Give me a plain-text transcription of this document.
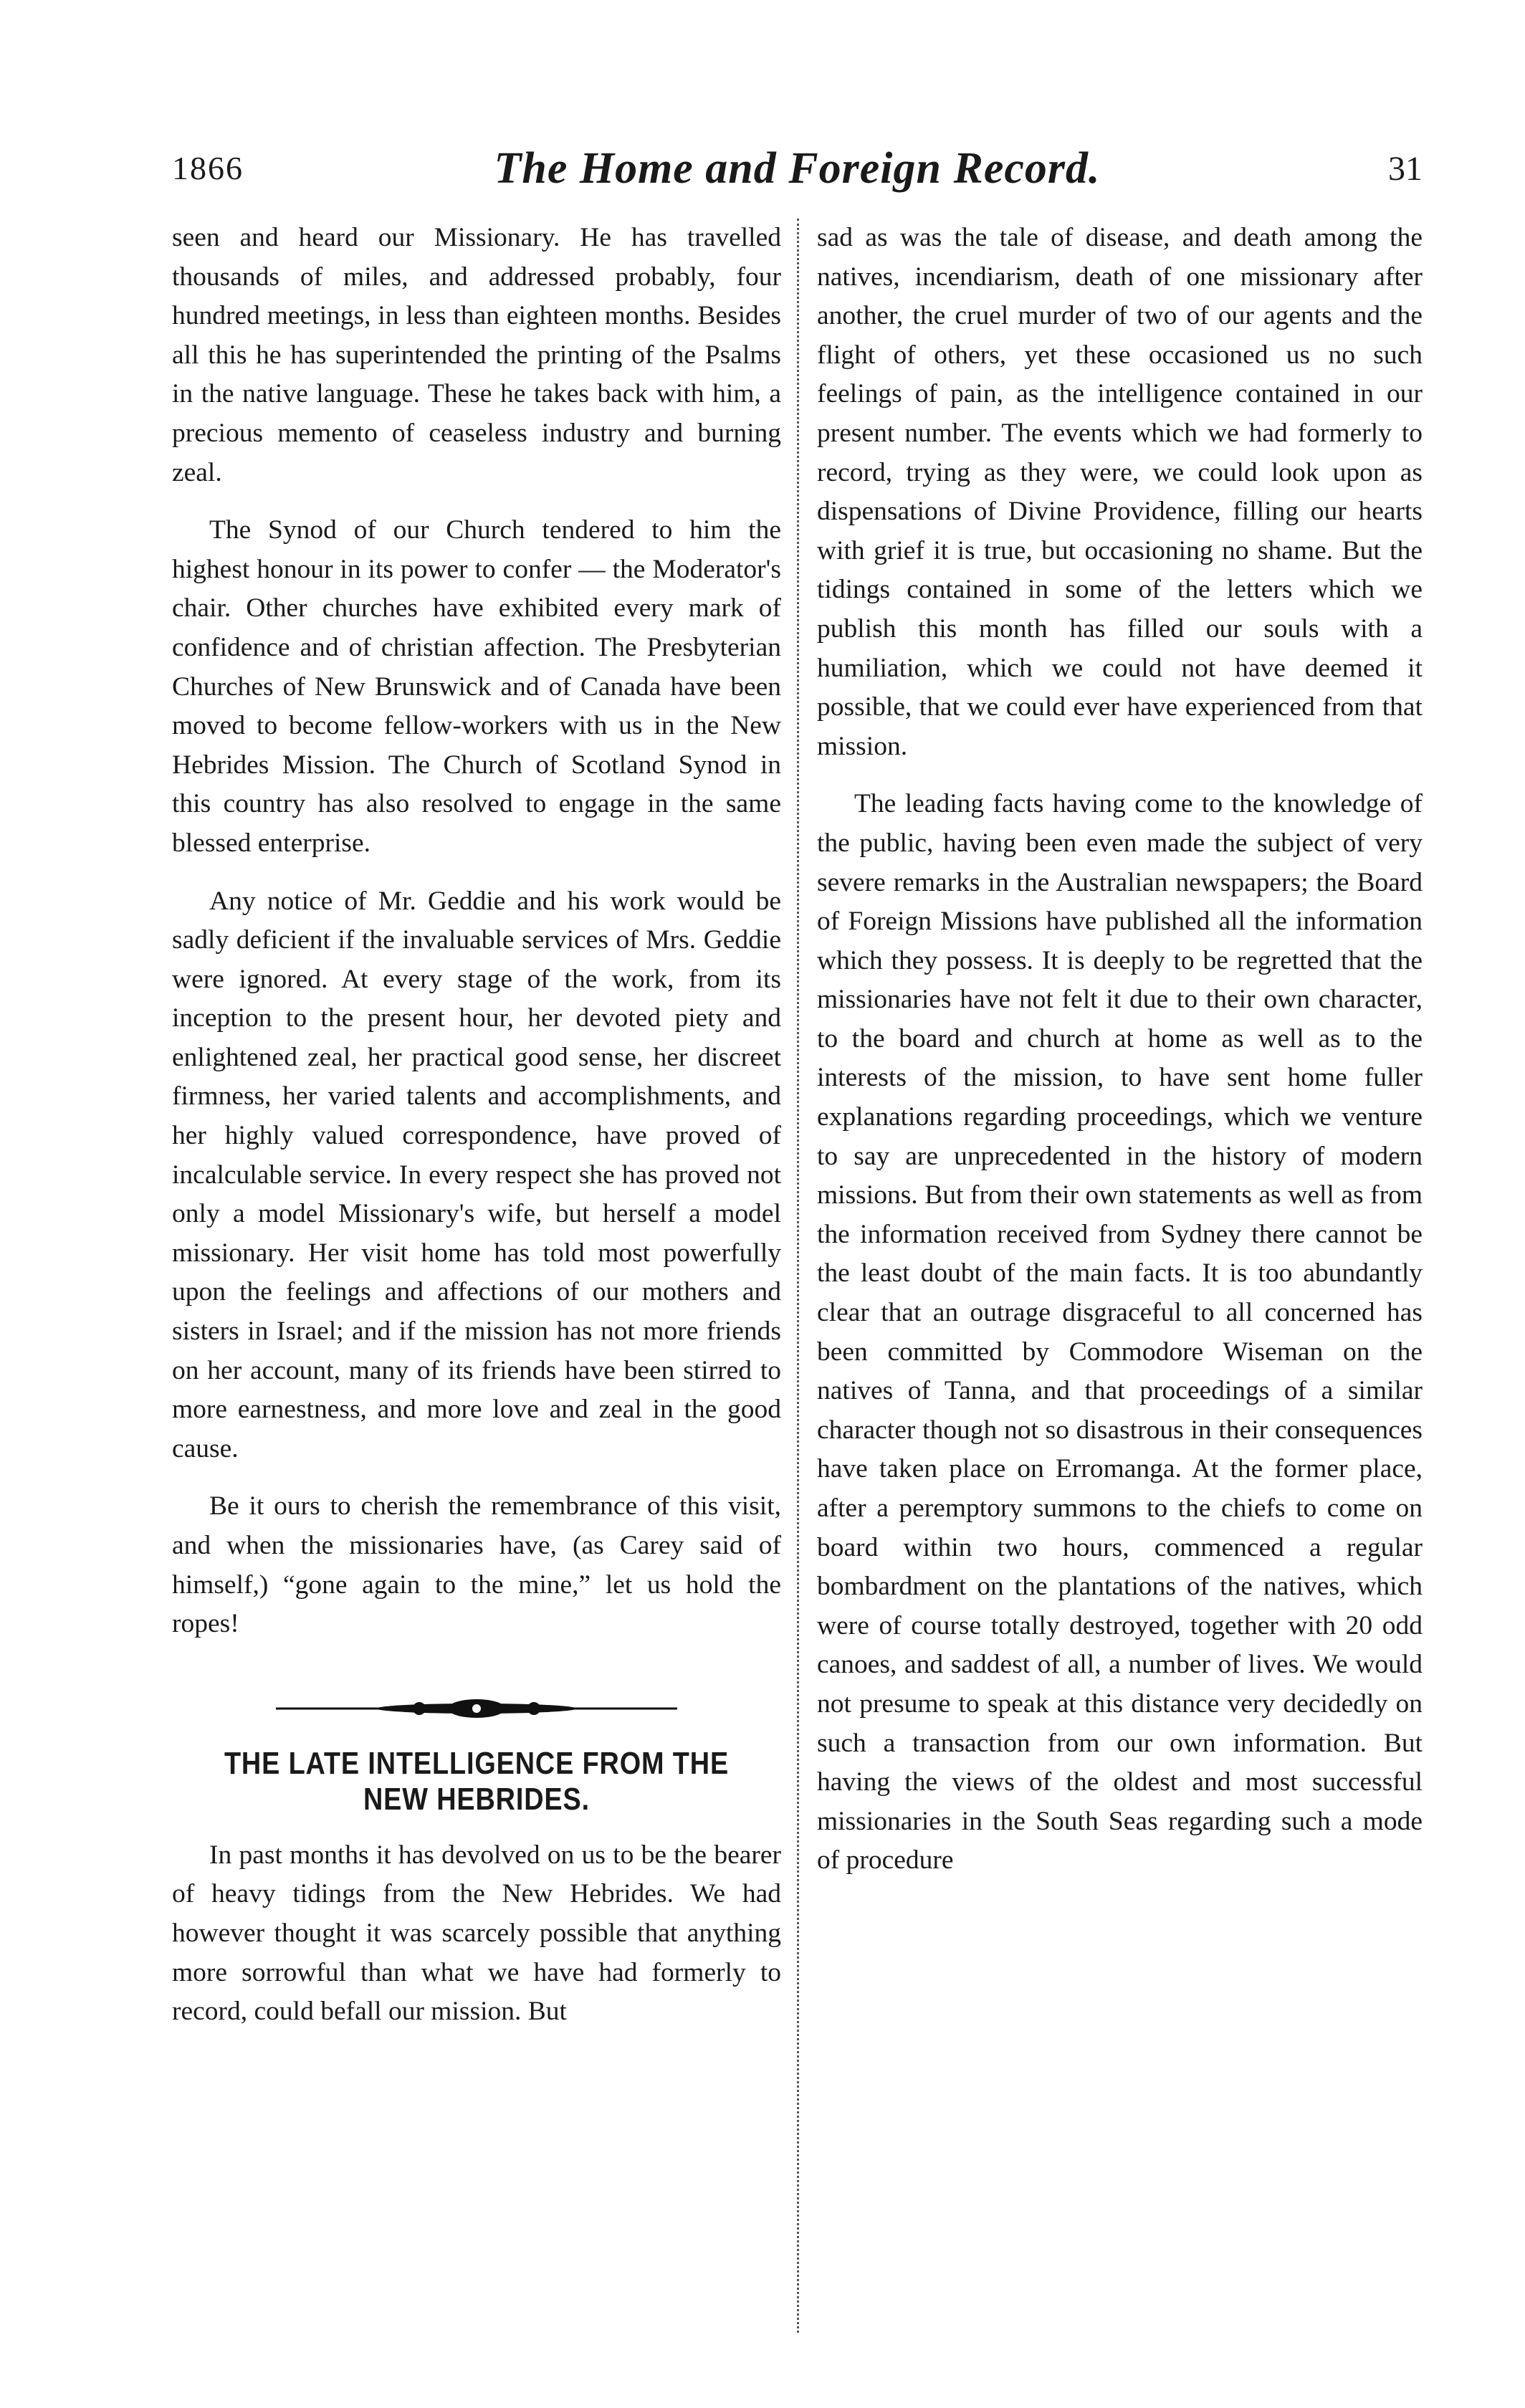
1866	The Home and Foreign Record.	31

seen and heard our Missionary. He has travelled thousands of miles, and addressed probably, four hundred meetings, in less than eighteen months. Besides all this he has superintended the printing of the Psalms in the native language. These he takes back with him, a precious memento of ceaseless industry and burning zeal.

The Synod of our Church tendered to him the highest honour in its power to confer — the Moderator's chair. Other churches have exhibited every mark of confidence and of christian affection. The Presbyterian Churches of New Brunswick and of Canada have been moved to become fellow-workers with us in the New Hebrides Mission. The Church of Scotland Synod in this country has also resolved to engage in the same blessed enterprise.

Any notice of Mr. Geddie and his work would be sadly deficient if the invaluable services of Mrs. Geddie were ignored. At every stage of the work, from its inception to the present hour, her devoted piety and enlightened zeal, her practical good sense, her discreet firmness, her varied talents and accomplishments, and her highly valued correspondence, have proved of incalculable service. In every respect she has proved not only a model Missionary's wife, but herself a model missionary. Her visit home has told most powerfully upon the feelings and affections of our mothers and sisters in Israel; and if the mission has not more friends on her account, many of its friends have been stirred to more earnestness, and more love and zeal in the good cause.

Be it ours to cherish the remembrance of this visit, and when the missionaries have, (as Carey said of himself,) “gone again to the mine,” let us hold the ropes!

THE LATE INTELLIGENCE FROM THE NEW HEBRIDES.

In past months it has devolved on us to be the bearer of heavy tidings from the New Hebrides. We had however thought it was scarcely possible that anything more sorrowful than what we have had formerly to record, could befall our mission. But

sad as was the tale of disease, and death among the natives, incendiarism, death of one missionary after another, the cruel murder of two of our agents and the flight of others, yet these occasioned us no such feelings of pain, as the intelligence contained in our present number. The events which we had formerly to record, trying as they were, we could look upon as dispensations of Divine Providence, filling our hearts with grief it is true, but occasioning no shame. But the tidings contained in some of the letters which we publish this month has filled our souls with a humiliation, which we could not have deemed it possible, that we could ever have experienced from that mission.

The leading facts having come to the knowledge of the public, having been even made the subject of very severe remarks in the Australian newspapers; the Board of Foreign Missions have published all the information which they possess. It is deeply to be regretted that the missionaries have not felt it due to their own character, to the board and church at home as well as to the interests of the mission, to have sent home fuller explanations regarding proceedings, which we venture to say are unprecedented in the history of modern missions. But from their own statements as well as from the information received from Sydney there cannot be the least doubt of the main facts. It is too abundantly clear that an outrage disgraceful to all concerned has been committed by Commodore Wiseman on the natives of Tanna, and that proceedings of a similar character though not so disastrous in their consequences have taken place on Erromanga. At the former place, after a peremptory summons to the chiefs to come on board within two hours, commenced a regular bombardment on the plantations of the natives, which were of course totally destroyed, together with 20 odd canoes, and saddest of all, a number of lives. We would not presume to speak at this distance very decidedly on such a transaction from our own information. But having the views of the oldest and most successful missionaries in the South Seas regarding such a mode of procedure
